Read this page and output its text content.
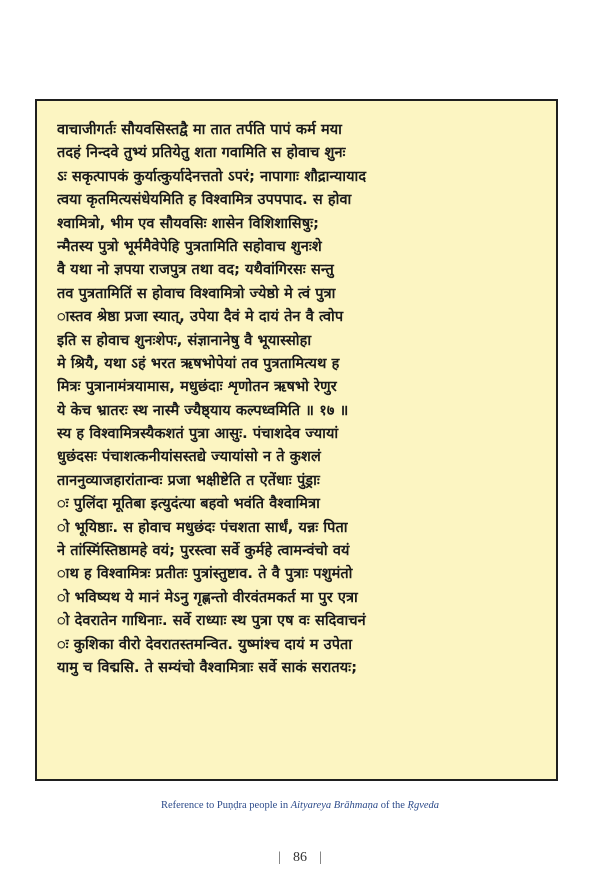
वाचाजीगर्तः सौयवसिस्तद्वै मा तात तर्पति पापं कर्म मया
तदहं निन्दवे तुभ्यं प्रतियेतु शता गवामिति स होवाच शुनः
ऽः सकृत्पापकं कुर्यात्कुर्यादेनत्ततो ऽपरं; नापागाः शौद्रान्यायाद
त्वया कृतमित्यसंधेयमिति ह विश्वामित्र उपपपाद. स होवा
श्वामित्रो, भीम एव सौयवसिः शासेन विशिशासिषुः;
न्मैतस्य पुत्रो भूर्ममैवेपेहि पुत्रतामिति सहोवाच शुनःशे
वै यथा नो ज्ञपया राजपुत्र तथा वद; यथैवांगिरसः सन्तु
तव पुत्रतामितिं स होवाच विश्वामित्रो ज्येष्ठो मे त्वं पुत्रा
ास्तव श्रेष्ठा प्रजा स्यात्, उपेया दैवं मे दायं तेन वै त्वोप
इति स होवाच शुनःशेपः, संज्ञानानेषु वै भूयास्सोहा
मे श्रियै, यथा ऽहं भरत ऋषभोपेयां तव पुत्रतामित्यथ ह
मित्रः पुत्रानामंत्रयामास, मधुछंदाः शृणोतन ऋषभो रेणुर
ये केच भ्रातरः स्थ नास्मै ज्यैष्ठ्याय कल्पध्वमिति ॥ १७ ॥
स्य ह विश्वामित्रस्यैकशतं पुत्रा आसुः. पंचाशदेव ज्यायां
धुछंदसः पंचाशत्कनीयांसस्तद्ये ज्यायांसो न ते कुशलं
ताननुव्याजहारांतान्वः प्रजा भक्षीष्टेति त एतेंधाः पुंड्राः
ः पुलिंदा मूतिबा इत्युदंत्या बहवो भवंति वैश्वामित्रा
ो भूयिष्ठाः. स होवाच मधुछंदः पंचशता सार्धं, यन्नः पिता
ने तांस्मिंस्तिष्ठामहे वयं; पुरस्त्वा सर्वे कुर्महे त्वामन्वंचो वयं
ाथ ह विश्वामित्रः प्रतीतः पुत्रांस्तुष्टाव. ते वै पुत्राः पशुमंतो
ो भविष्यथ ये मानं मेऽनु गृह्णन्तो वीरवंतमकर्त मा पुर एत्रा
ो देवरातेन गाथिनाः. सर्वे राध्याः स्थ पुत्रा एष वः सदिवाचनं
ः कुशिका वीरो देवरातस्तमन्वित. युष्मांश्च दायं म उपेता
यामु च विद्मसि. ते सम्यंचो वैश्वामित्राः सर्वे साकं सरातयः;
Reference to Puṇḍra people in Aityareya Brāhmaṇa of the Ṛgveda
| 86 |
